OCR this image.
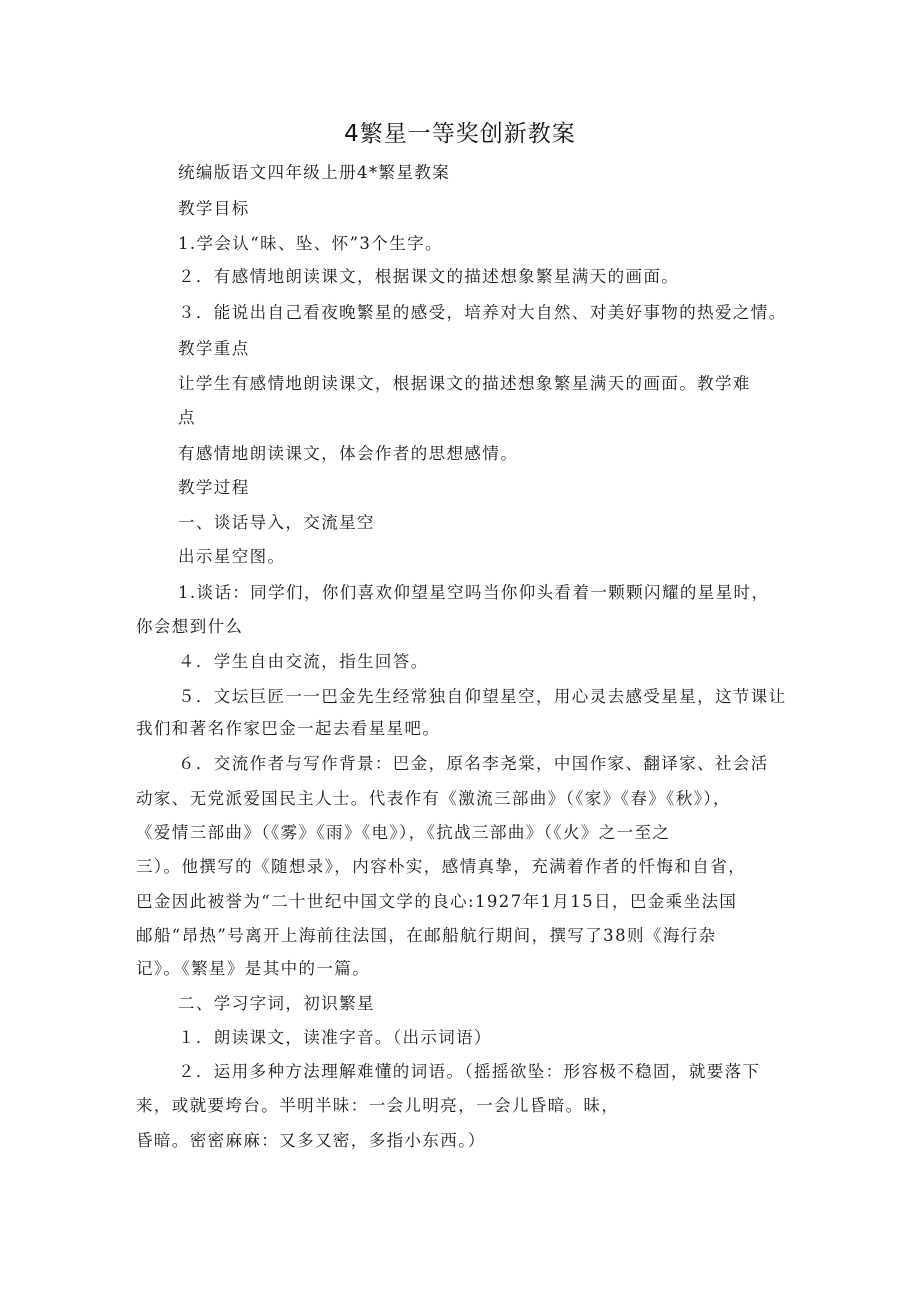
4繁星一等奖创新教案
统编版语文四年级上册4*繁星教案
教学目标
1.学会认“昧、坠、怀”3个生字。
２．有感情地朗读课文，根据课文的描述想象繁星满天的画面。
３．能说出自己看夜晚繁星的感受，培养对大自然、对美好事物的热爱之情。
教学重点
让学生有感情地朗读课文，根据课文的描述想象繁星满天的画面。教学难
点
有感情地朗读课文，体会作者的思想感情。
教学过程
一、谈话导入，交流星空
出示星空图。
1.谈话：同学们，你们喜欢仰望星空吗当你仰头看着一颗颗闪耀的星星时，
你会想到什么
４．学生自由交流，指生回答。
５．文坛巨匠一一巴金先生经常独自仰望星空，用心灵去感受星星，这节课让
我们和著名作家巴金一起去看星星吧。
６．交流作者与写作背景：巴金，原名李尧棠，中国作家、翻译家、社会活
动家、无党派爱国民主人士。代表作有《激流三部曲》（《家》《春》《秋》），
《爱情三部曲》（《雾》《雨》《电》），《抗战三部曲》（《火》之一至之
三）。他撰写的《随想录》，内容朴实，感情真挚，充满着作者的忏悔和自省，
巴金因此被誉为“二十世纪中国文学的良心:1927年1月15日，巴金乘坐法国
邮船“昂热”号离开上海前往法国，在邮船航行期间，撰写了38则《海行杂
记》。《繁星》是其中的一篇。
二、学习字词，初识繁星
１．朗读课文，读准字音。（出示词语）
２．运用多种方法理解难懂的词语。（摇摇欲坠：形容极不稳固，就要落下
来，或就要垮台。半明半昧：一会儿明亮，一会儿昏暗。昧，
昏暗。密密麻麻：又多又密，多指小东西。）
